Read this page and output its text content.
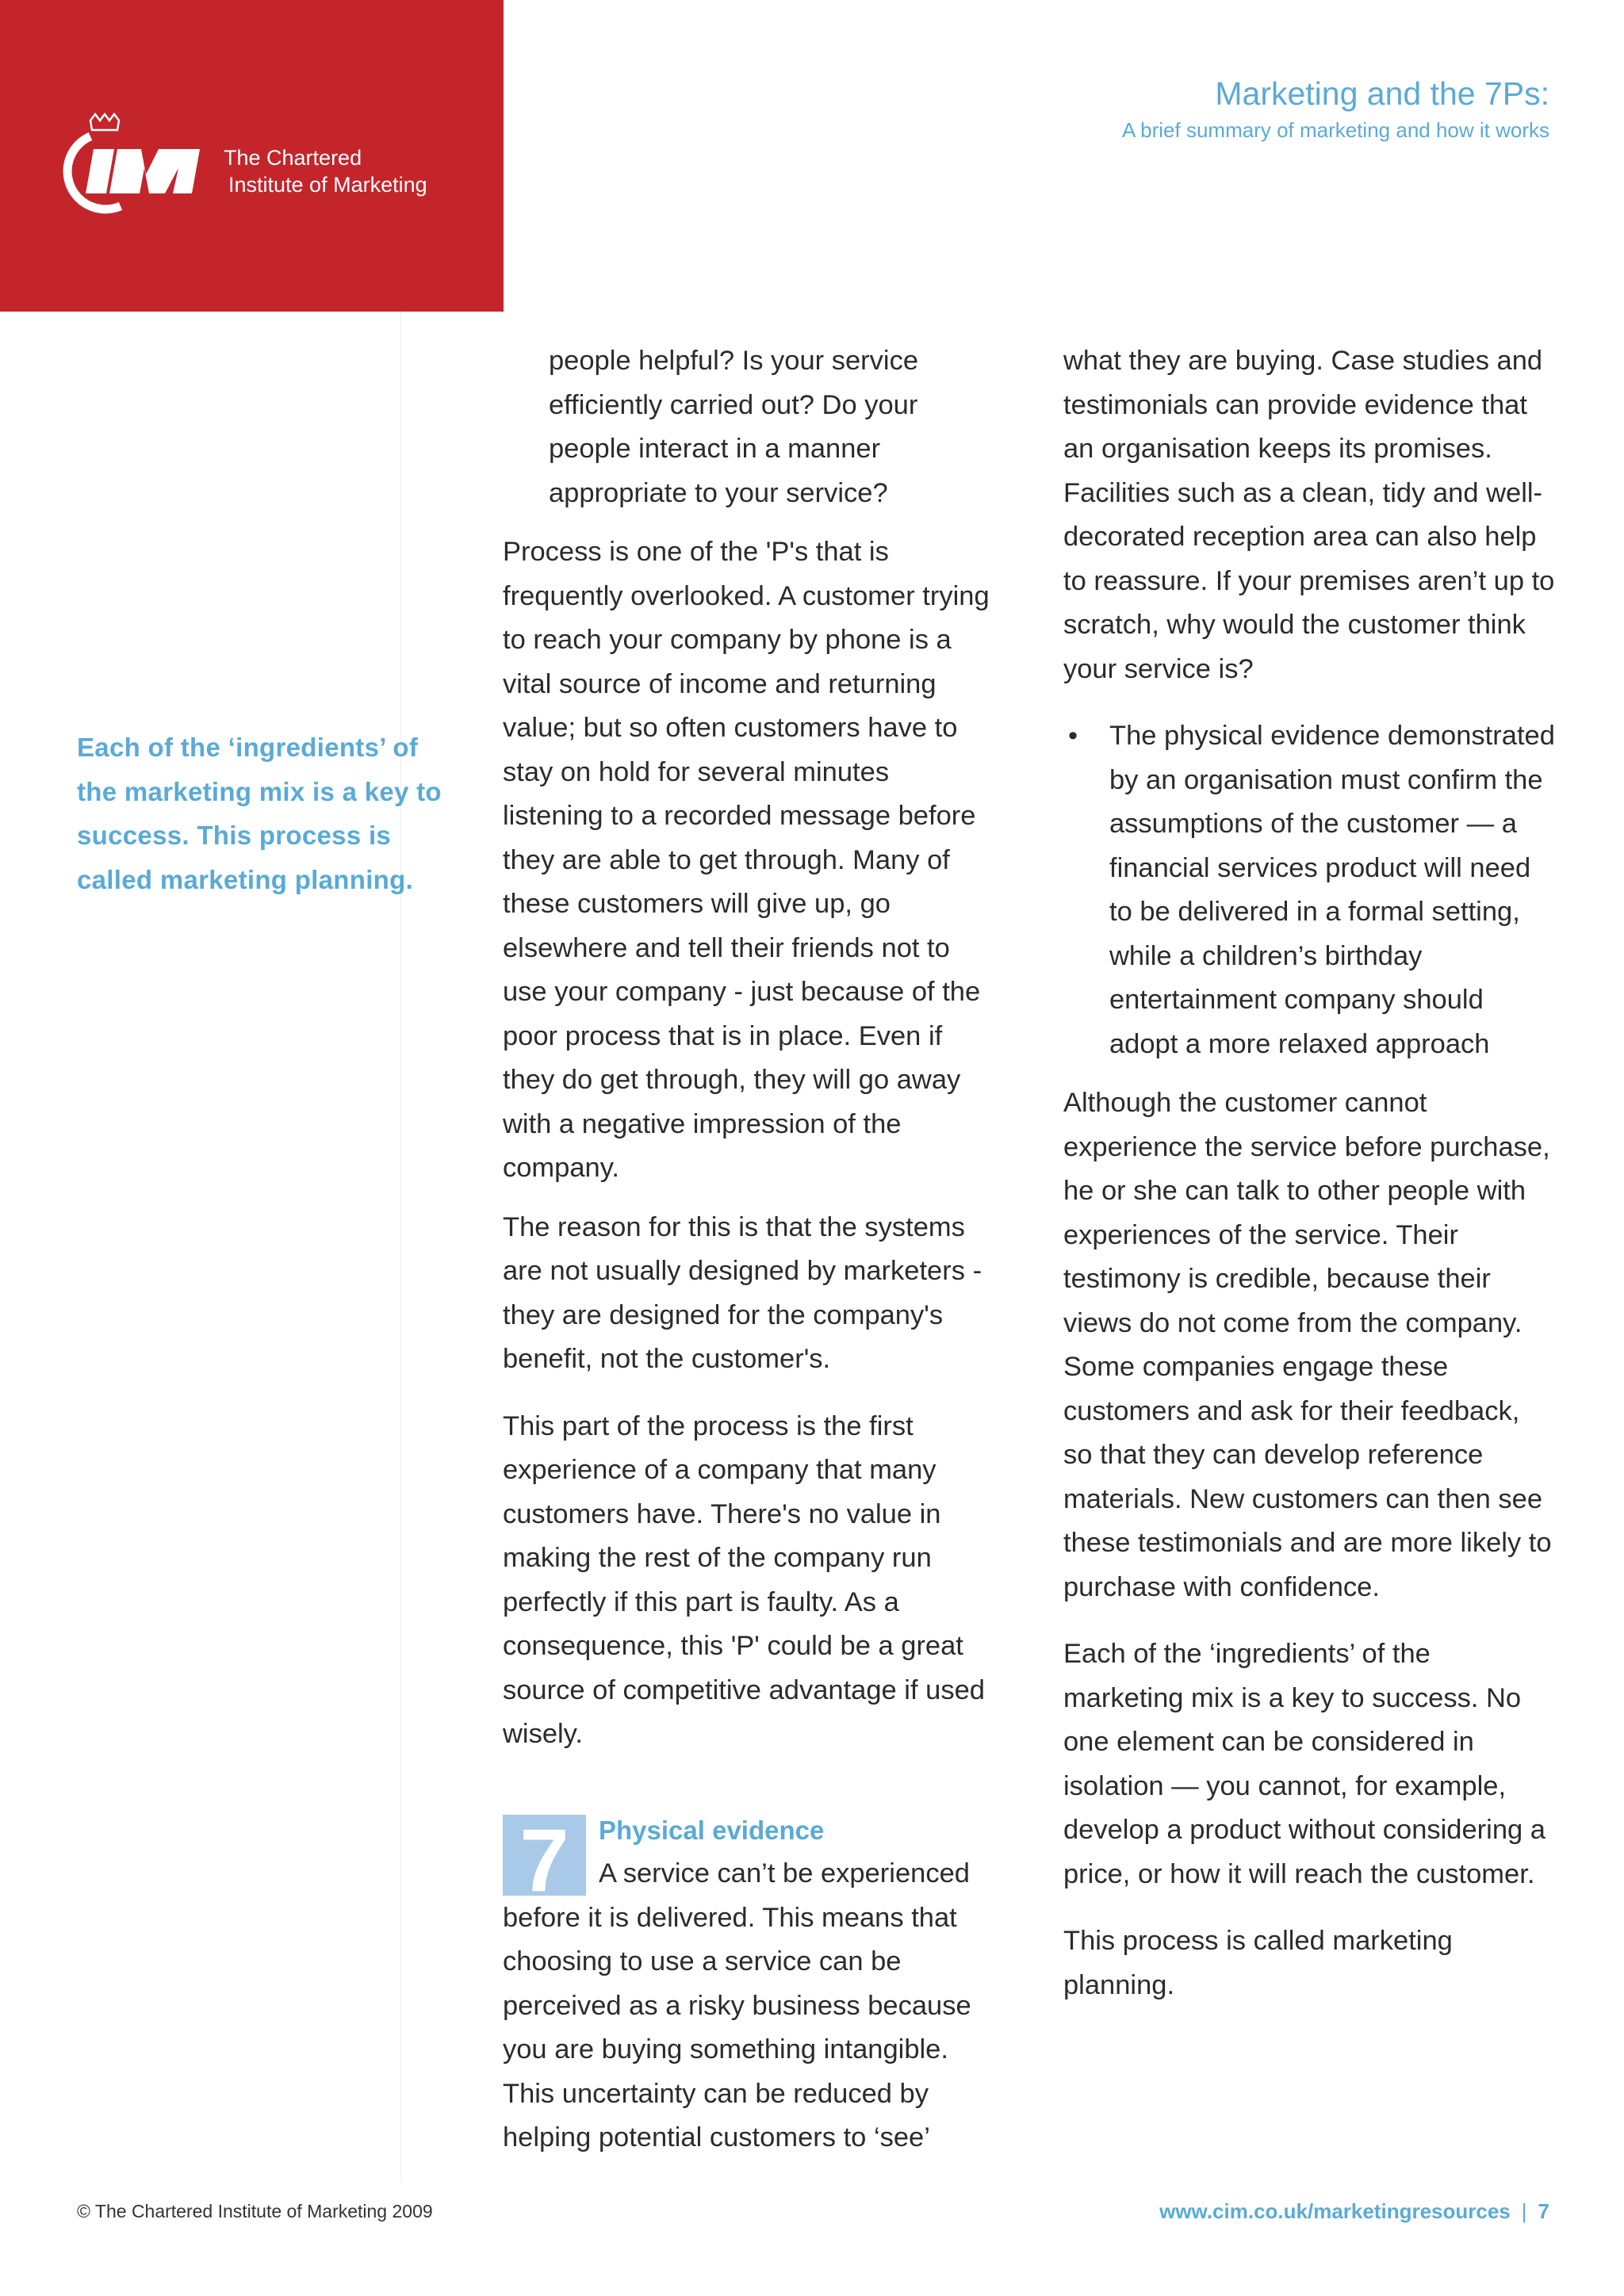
The Chartered
Institute of Marketing
Marketing and the 7Ps:
A brief summary of marketing and how it works
Each of the ‘ingredients’ of the marketing mix is a key to success. This process is called marketing planning.

people helpful? Is your service efficiently carried out? Do your people interact in a manner appropriate to your service?

Process is one of the 'P's that is frequently overlooked. A customer trying to reach your company by phone is a vital source of income and returning value; but so often customers have to stay on hold for several minutes listening to a recorded message before they are able to get through. Many of these customers will give up, go elsewhere and tell their friends not to use your company - just because of the poor process that is in place. Even if they do get through, they will go away with a negative impression of the company.

The reason for this is that the systems are not usually designed by marketers - they are designed for the company's benefit, not the customer's.

This part of the process is the first experience of a company that many customers have. There's no value in making the rest of the company run perfectly if this part is faulty. As a consequence, this 'P' could be a great source of competitive advantage if used wisely.

7	Physical evidence

A service can’t be experienced before it is delivered. This means that choosing to use a service can be perceived as a risky business because you are buying something intangible. This uncertainty can be reduced by helping potential customers to ‘see’

what they are buying. Case studies and testimonials can provide evidence that an organisation keeps its promises. Facilities such as a clean, tidy and well-decorated reception area can also help to reassure. If your premises aren’t up to scratch, why would the customer think your service is?

• The physical evidence demonstrated by an organisation must confirm the assumptions of the customer — a financial services product will need to be delivered in a formal setting, while a children’s birthday entertainment company should adopt a more relaxed approach

Although the customer cannot experience the service before purchase, he or she can talk to other people with experiences of the service. Their testimony is credible, because their views do not come from the company. Some companies engage these customers and ask for their feedback, so that they can develop reference materials. New customers can then see these testimonials and are more likely to purchase with confidence.

Each of the ‘ingredients’ of the marketing mix is a key to success. No one element can be considered in isolation — you cannot, for example, develop a product without considering a price, or how it will reach the customer.

This process is called marketing planning.

© The Chartered Institute of Marketing 2009	www.cim.co.uk/marketingresources | 7
